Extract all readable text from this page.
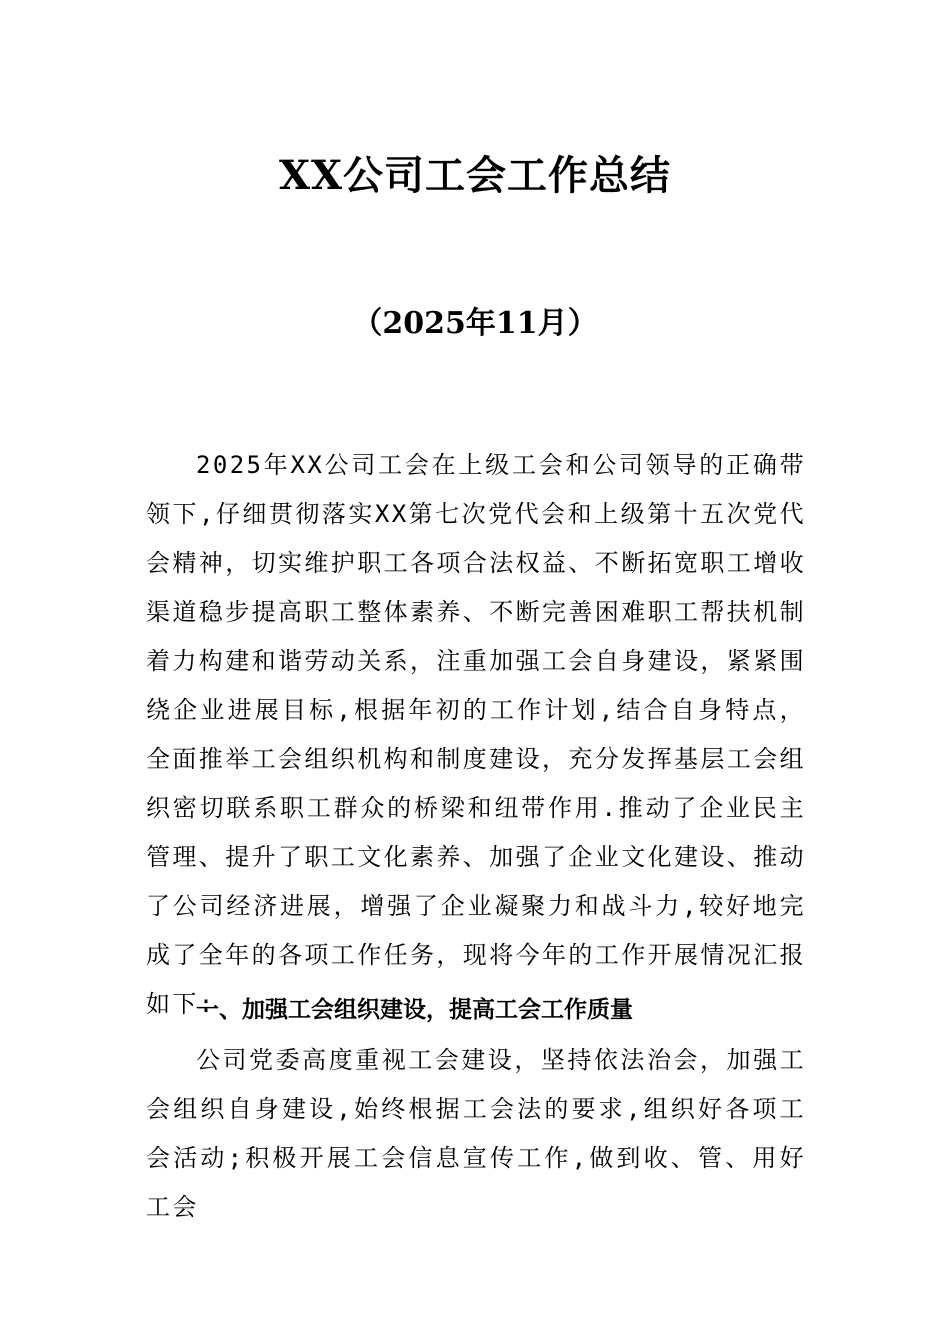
XX公司工会工作总结
（2025年11月）

2025年XX公司工会在上级工会和公司领导的正确带领下,仔细贯彻落实XX第七次党代会和上级第十五次党代会精神，切实维护职工各项合法权益、不断拓宽职工增收渠道稳步提高职工整体素养、不断完善困难职工帮扶机制着力构建和谐劳动关系，注重加强工会自身建设，紧紧围绕企业进展目标,根据年初的工作计划,结合自身特点，全面推举工会组织机构和制度建设，充分发挥基层工会组织密切联系职工群众的桥梁和纽带作用.推动了企业民主管理、提升了职工文化素养、加强了企业文化建设、推动了公司经济进展，增强了企业凝聚力和战斗力,较好地完成了全年的各项工作任务，现将今年的工作开展情况汇报如下:

一、加强工会组织建设，提高工会工作质量

公司党委高度重视工会建设，坚持依法治会，加强工会组织自身建设,始终根据工会法的要求,组织好各项工会活动;积极开展工会信息宣传工作,做到收、管、用好工会
